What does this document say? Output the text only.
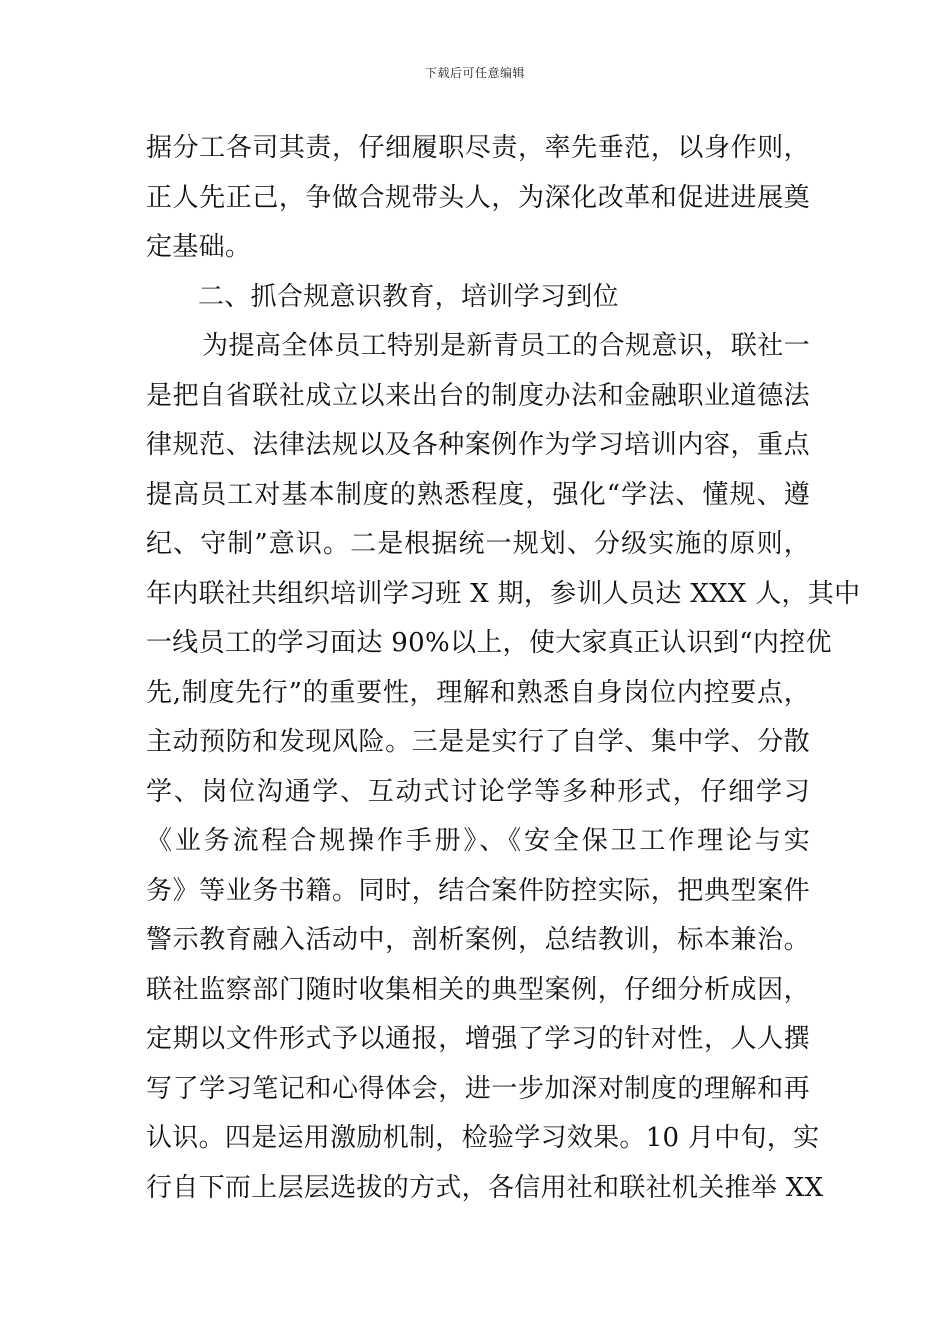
下载后可任意编辑
据分工各司其责，仔细履职尽责，率先垂范，以身作则，
正人先正己，争做合规带头人，为深化改革和促进进展奠
定基础。
二、抓合规意识教育，培训学习到位
为提高全体员工特别是新青员工的合规意识，联社一
是把自省联社成立以来出台的制度办法和金融职业道德法
律规范、法律法规以及各种案例作为学习培训内容，重点
提高员工对基本制度的熟悉程度，强化“学法、懂规、遵
纪、守制”意识。二是根据统一规划、分级实施的原则，
年内联社共组织培训学习班 X 期，参训人员达 XXX 人，其中
一线员工的学习面达 90%以上，使大家真正认识到“内控优
先,制度先行”的重要性，理解和熟悉自身岗位内控要点，
主动预防和发现风险。三是是实行了自学、集中学、分散
学、岗位沟通学、互动式讨论学等多种形式，仔细学习
《业务流程合规操作手册》、《安全保卫工作理论与实
务》等业务书籍。同时，结合案件防控实际，把典型案件
警示教育融入活动中，剖析案例，总结教训，标本兼治。
联社监察部门随时收集相关的典型案例，仔细分析成因，
定期以文件形式予以通报，增强了学习的针对性，人人撰
写了学习笔记和心得体会，进一步加深对制度的理解和再
认识。四是运用激励机制，检验学习效果。10 月中旬，实
行自下而上层层选拔的方式，各信用社和联社机关推举 XX
